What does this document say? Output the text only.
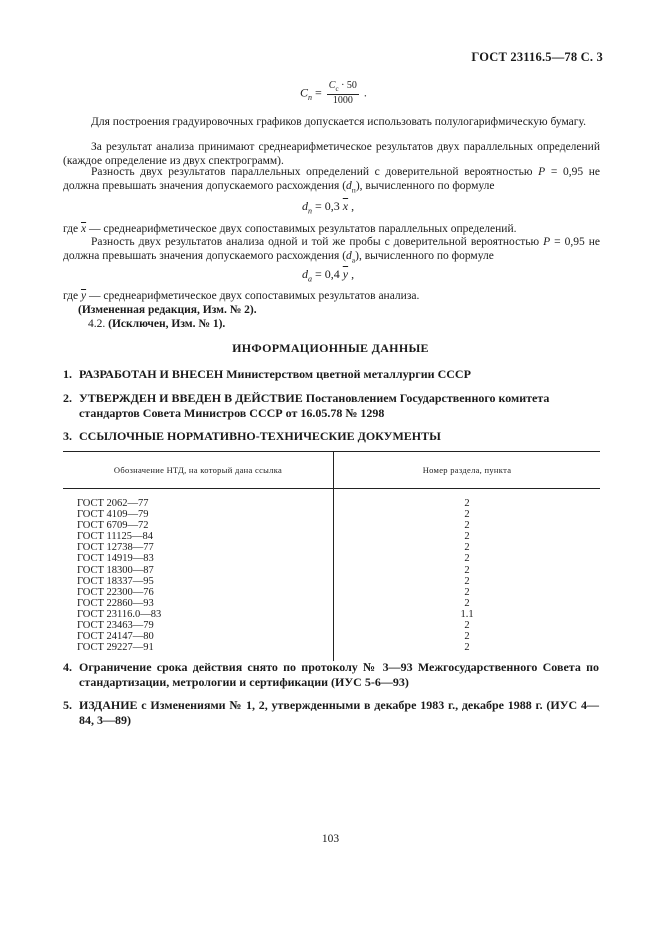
ГОСТ 23116.5—78 С. 3
$C_п = \frac{C_с \cdot 50}{1000}$ .
Для построения градуировочных графиков допускается использовать полулогарифмическую бумагу.
За результат анализа принимают среднеарифметическое результатов двух параллельных определений (каждое определение из двух спектрограмм).
Разность двух результатов параллельных определений с доверительной вероятностью P = 0,95 не должна превышать значения допускаемого расхождения $(d_п)$, вычисленного по формуле
$d_п = 0,3$ $\overline{x}$ ,
где $\overline{x}$ — среднеарифметическое двух сопоставимых результатов параллельных определений.
Разность двух результатов анализа одной и той же пробы с доверительной вероятностью P = 0,95 не должна превышать значения допускаемого расхождения $(d_а)$, вычисленного по формуле
$d_а = 0,4$ $\overline{y}$ ,
где $\overline{y}$ — среднеарифметическое двух сопоставимых результатов анализа.
(Измененная редакция, Изм. № 2).
4.2. (Исключен, Изм. № 1).
ИНФОРМАЦИОННЫЕ ДАННЫЕ
1. РАЗРАБОТАН И ВНЕСЕН Министерством цветной металлургии СССР
2. УТВЕРЖДЕН И ВВЕДЕН В ДЕЙСТВИЕ Постановлением Государственного комитета стандартов Совета Министров СССР от 16.05.78 № 1298
3. ССЫЛОЧНЫЕ НОРМАТИВНО-ТЕХНИЧЕСКИЕ ДОКУМЕНТЫ
Обозначение НТД, на который дана ссылка	Номер раздела, пункта
ГОСТ 2062—77	2
ГОСТ 4109—79	2
ГОСТ 6709—72	2
ГОСТ 11125—84	2
ГОСТ 12738—77	2
ГОСТ 14919—83	2
ГОСТ 18300—87	2
ГОСТ 18337—95	2
ГОСТ 22300—76	2
ГОСТ 22860—93	2
ГОСТ 23116.0—83	1.1
ГОСТ 23463—79	2
ГОСТ 24147—80	2
ГОСТ 29227—91	2
4. Ограничение срока действия снято по протоколу № 3—93 Межгосударственного Совета по стандартизации, метрологии и сертификации (ИУС 5-6—93)
5. ИЗДАНИЕ с Изменениями № 1, 2, утвержденными в декабре 1983 г., декабре 1988 г. (ИУС 4—84, 3—89)
103
